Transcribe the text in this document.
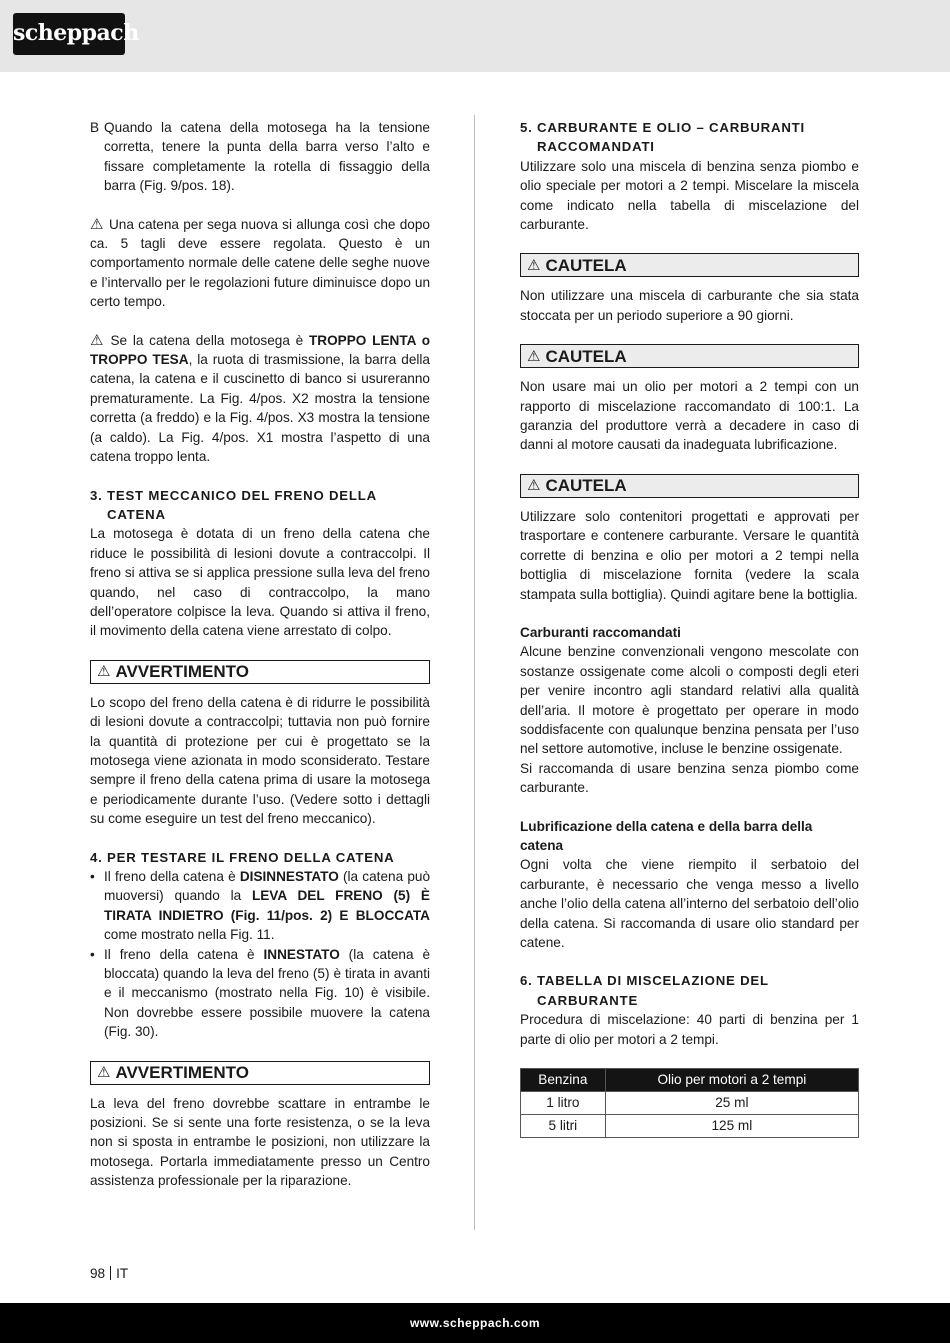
scheppach
B Quando la catena della motosega ha la tensione corretta, tenere la punta della barra verso l’alto e fissare completamente la rotella di fissaggio della barra (Fig. 9/pos. 18).

⚠ Una catena per sega nuova si allunga così che dopo ca. 5 tagli deve essere regolata. Questo è un comportamento normale delle catene delle seghe nuove e l’intervallo per le regolazioni future diminuisce dopo un certo tempo.

⚠ Se la catena della motosega è TROPPO LENTA o TROPPO TESA, la ruota di trasmissione, la barra della catena, la catena e il cuscinetto di banco si usureranno prematuramente. La Fig. 4/pos. X2 mostra la tensione corretta (a freddo) e la Fig. 4/pos. X3 mostra la tensione (a caldo). La Fig. 4/pos. X1 mostra l’aspetto di una catena troppo lenta.

3. TEST MECCANICO DEL FRENO DELLA CATENA

La motosega è dotata di un freno della catena che riduce le possibilità di lesioni dovute a contraccolpi. Il freno si attiva se si applica pressione sulla leva del freno quando, nel caso di contraccolpo, la mano dell’operatore colpisce la leva. Quando si attiva il freno, il movimento della catena viene arrestato di colpo.

⚠ AVVERTIMENTO

Lo scopo del freno della catena è di ridurre le possibilità di lesioni dovute a contraccolpi; tuttavia non può fornire la quantità di protezione per cui è progettato se la motosega viene azionata in modo sconsiderato. Testare sempre il freno della catena prima di usare la motosega e periodicamente durante l’uso. (Vedere sotto i dettagli su come eseguire un test del freno meccanico).

4. PER TESTARE IL FRENO DELLA CATENA
• Il freno della catena è DISINNESTATO (la catena può muoversi) quando la LEVA DEL FRENO (5) È TIRATA INDIETRO (Fig. 11/pos. 2) E BLOCCATA come mostrato nella Fig. 11.
• Il freno della catena è INNESTATO (la catena è bloccata) quando la leva del freno (5) è tirata in avanti e il meccanismo (mostrato nella Fig. 10) è visibile. Non dovrebbe essere possibile muovere la catena (Fig. 30).
⚠ AVVERTIMENTO

La leva del freno dovrebbe scattare in entrambe le posizioni. Se si sente una forte resistenza, o se la leva non si sposta in entrambe le posizioni, non utilizzare la motosega. Portarla immediatamente presso un Centro assistenza professionale per la riparazione.

5. CARBURANTE E OLIO – CARBURANTI RACCOMANDATI

Utilizzare solo una miscela di benzina senza piombo e olio speciale per motori a 2 tempi. Miscelare la miscela come indicato nella tabella di miscelazione del carburante.

⚠ CAUTELA

Non utilizzare una miscela di carburante che sia stata stoccata per un periodo superiore a 90 giorni.

⚠ CAUTELA

Non usare mai un olio per motori a 2 tempi con un rapporto di miscelazione raccomandato di 100:1. La garanzia del produttore verrà a decadere in caso di danni al motore causati da inadeguata lubrificazione.

⚠ CAUTELA

Utilizzare solo contenitori progettati e approvati per trasportare e contenere carburante. Versare le quantità corrette di benzina e olio per motori a 2 tempi nella bottiglia di miscelazione fornita (vedere la scala stampata sulla bottiglia). Quindi agitare bene la bottiglia.

Carburanti raccomandati

Alcune benzine convenzionali vengono mescolate con sostanze ossigenate come alcoli o composti degli eteri per venire incontro agli standard relativi alla qualità dell’aria. Il motore è progettato per operare in modo soddisfacente con qualunque benzina pensata per l’uso nel settore automotive, incluse le benzine ossigenate.

Si raccomanda di usare benzina senza piombo come carburante.

Lubrificazione della catena e della barra della catena

Ogni volta che viene riempito il serbatoio del carburante, è necessario che venga messo a livello anche l’olio della catena all’interno del serbatoio dell’olio della catena. Si raccomanda di usare olio standard per catene.

6. TABELLA DI MISCELAZIONE DEL CARBURANTE

Procedura di miscelazione: 40 parti di benzina per 1 parte di olio per motori a 2 tempi.

Benzina	Olio per motori a 2 tempi
1 litro	25 ml
5 litri	125 ml
98 IT
www.scheppach.com
